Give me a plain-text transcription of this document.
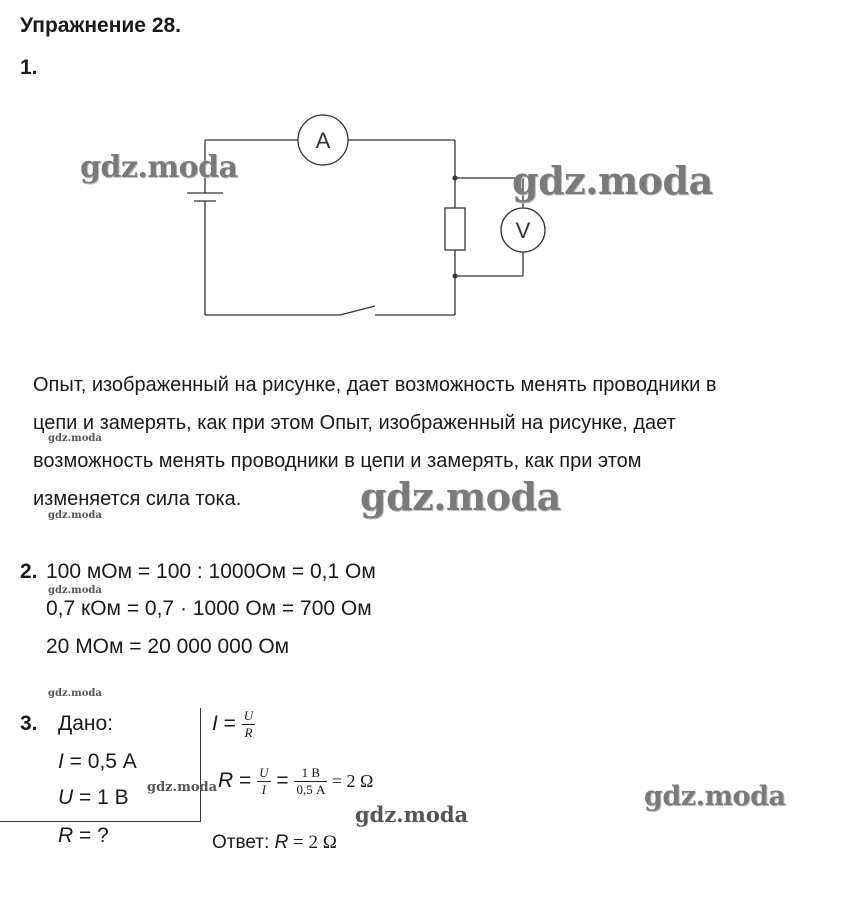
Упражнение 28.
1.
A
V
gdz.moda	gdz.moda
Опыт, изображенный на рисунке, дает возможность менять проводники в
цепи и замерять, как при этом Опыт, изображенный на рисунке, дает
возможность менять проводники в цепи и замерять, как при этом
изменяется сила тока.
gdz.moda
gdz.moda	gdz.moda
2. 100 мОм = 100 : 1000Ом = 0,1 Ом
gdz.moda
0,7 кОм = 0,7 · 1000 Ом = 700 Ом
20 МОм = 20 000 000 Ом
gdz.moda
3. Дано:
I = 0,5 А
U = 1 В
R = ?
gdz.moda
$I = \frac{U}{R}$
$R = \frac{U}{I} = \frac{1 В}{0,5 А} = 2$ Ω
gdz.moda
Ответ: R = 2 Ω
gdz.moda
